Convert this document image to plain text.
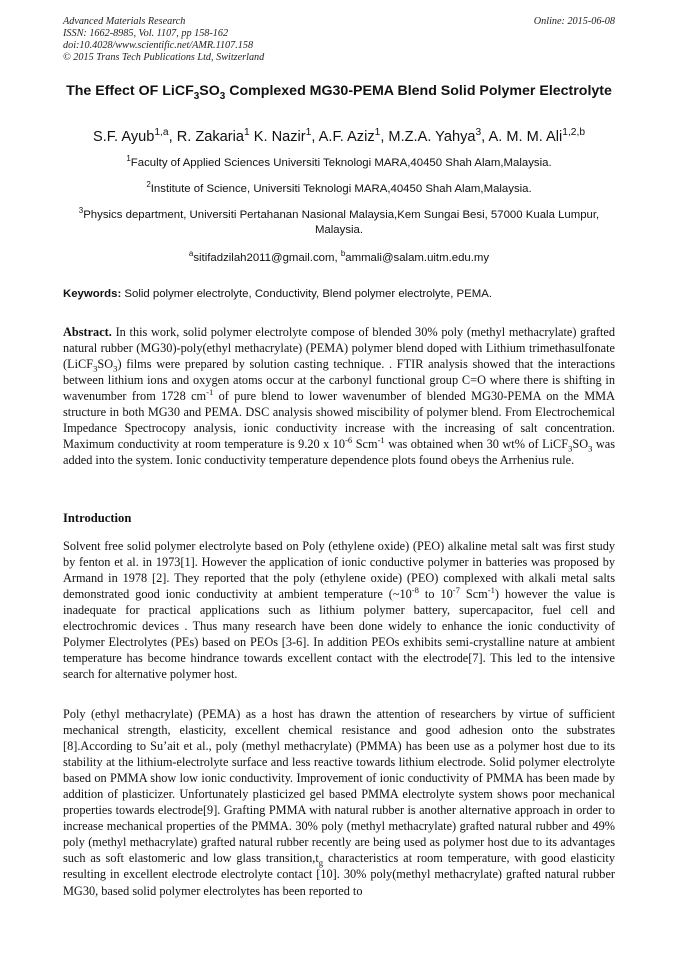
Advanced Materials Research
ISSN: 1662-8985, Vol. 1107, pp 158-162
doi:10.4028/www.scientific.net/AMR.1107.158
© 2015 Trans Tech Publications Ltd, Switzerland
Online: 2015-06-08
The Effect OF $LiCF_3SO_3$ Complexed MG30-PEMA Blend Solid Polymer Electrolyte
S.F. Ayub$^{1,a}$, R. Zakaria$^1$ K. Nazir$^1$, A.F. Aziz$^1$, M.Z.A. Yahya$^3$, A. M. M. Ali$^{1,2,b}$
$^1$Faculty of Applied Sciences Universiti Teknologi MARA,40450 Shah Alam,Malaysia.
$^2$Institute of Science, Universiti Teknologi MARA,40450 Shah Alam,Malaysia.
$^3$Physics department, Universiti Pertahanan Nasional Malaysia,Kem Sungai Besi, 57000 Kuala Lumpur, Malaysia.
$^a$sitifadzilah2011@gmail.com, $^b$ammali@salam.uitm.edu.my
Keywords: Solid polymer electrolyte, Conductivity, Blend polymer electrolyte, PEMA.
Abstract. In this work, solid polymer electrolyte compose of blended 30% poly (methyl methacrylate) grafted natural rubber (MG30)-poly(ethyl methacrylate) (PEMA) polymer blend doped with Lithium trimethasulfonate $(LiCF_3SO_3)$ films were prepared by solution casting technique. . FTIR analysis showed that the interactions between lithium ions and oxygen atoms occur at the carbonyl functional group C=O where there is shifting in wavenumber from 1728 $cm^{-1}$ of pure blend to lower wavenumber of blended MG30-PEMA on the MMA structure in both MG30 and PEMA. DSC analysis showed miscibility of polymer blend. From Electrochemical Impedance Spectrocopy analysis, ionic conductivity increase with the increasing of salt concentration. Maximum conductivity at room temperature is 9.20 x $10^{-6}$ Scm$^{-1}$ was obtained when 30 wt% of $LiCF_3SO_3$ was added into the system. Ionic conductivity temperature dependence plots found obeys the Arrhenius rule.
Introduction
Solvent free solid polymer electrolyte based on Poly (ethylene oxide) (PEO) alkaline metal salt was first study by fenton et al. in 1973[1]. However the application of ionic conductive polymer in batteries was proposed by Armand in 1978 [2]. They reported that the poly (ethylene oxide) (PEO) complexed with alkali metal salts demonstrated good ionic conductivity at ambient temperature ($\sim 10^{-8}$ to $10^{-7}$ Scm$^{-1}$) however the value is inadequate for practical applications such as lithium polymer battery, supercapacitor, fuel cell and electrochromic devices . Thus many research have been done widely to enhance the ionic conductivity of Polymer Electrolytes (PEs) based on PEOs [3-6]. In addition PEOs exhibits semi-crystalline nature at ambient temperature has become hindrance towards excellent contact with the electrode[7]. This led to the intensive search for alternative polymer host.
Poly (ethyl methacrylate) (PEMA) as a host has drawn the attention of researchers by virtue of sufficient mechanical strength, elasticity, excellent chemical resistance and good adhesion onto the substrates [8].According to Su’ait et al., poly (methyl methacrylate) (PMMA) has been use as a polymer host due to its stability at the lithium-electrolyte surface and less reactive towards lithium electrode. Solid polymer electrolyte based on PMMA show low ionic conductivity. Improvement of ionic conductivity of PMMA has been made by addition of plasticizer. Unfortunately plasticized gel based PMMA electrolyte system shows poor mechanical properties towards electrode[9]. Grafting PMMA with natural rubber is another alternative approach in order to increase mechanical properties of the PMMA. 30% poly (methyl methacrylate) grafted natural rubber and 49% poly (methyl methacrylate) grafted natural rubber recently are being used as polymer host due to its advantages such as soft elastomeric and low glass $transition,t_g$ characteristics at room temperature, with good elasticity resulting in excellent electrode electrolyte contact [10]. 30% poly(methyl methacrylate) grafted natural rubber MG30, based solid polymer electrolytes has been reported to
